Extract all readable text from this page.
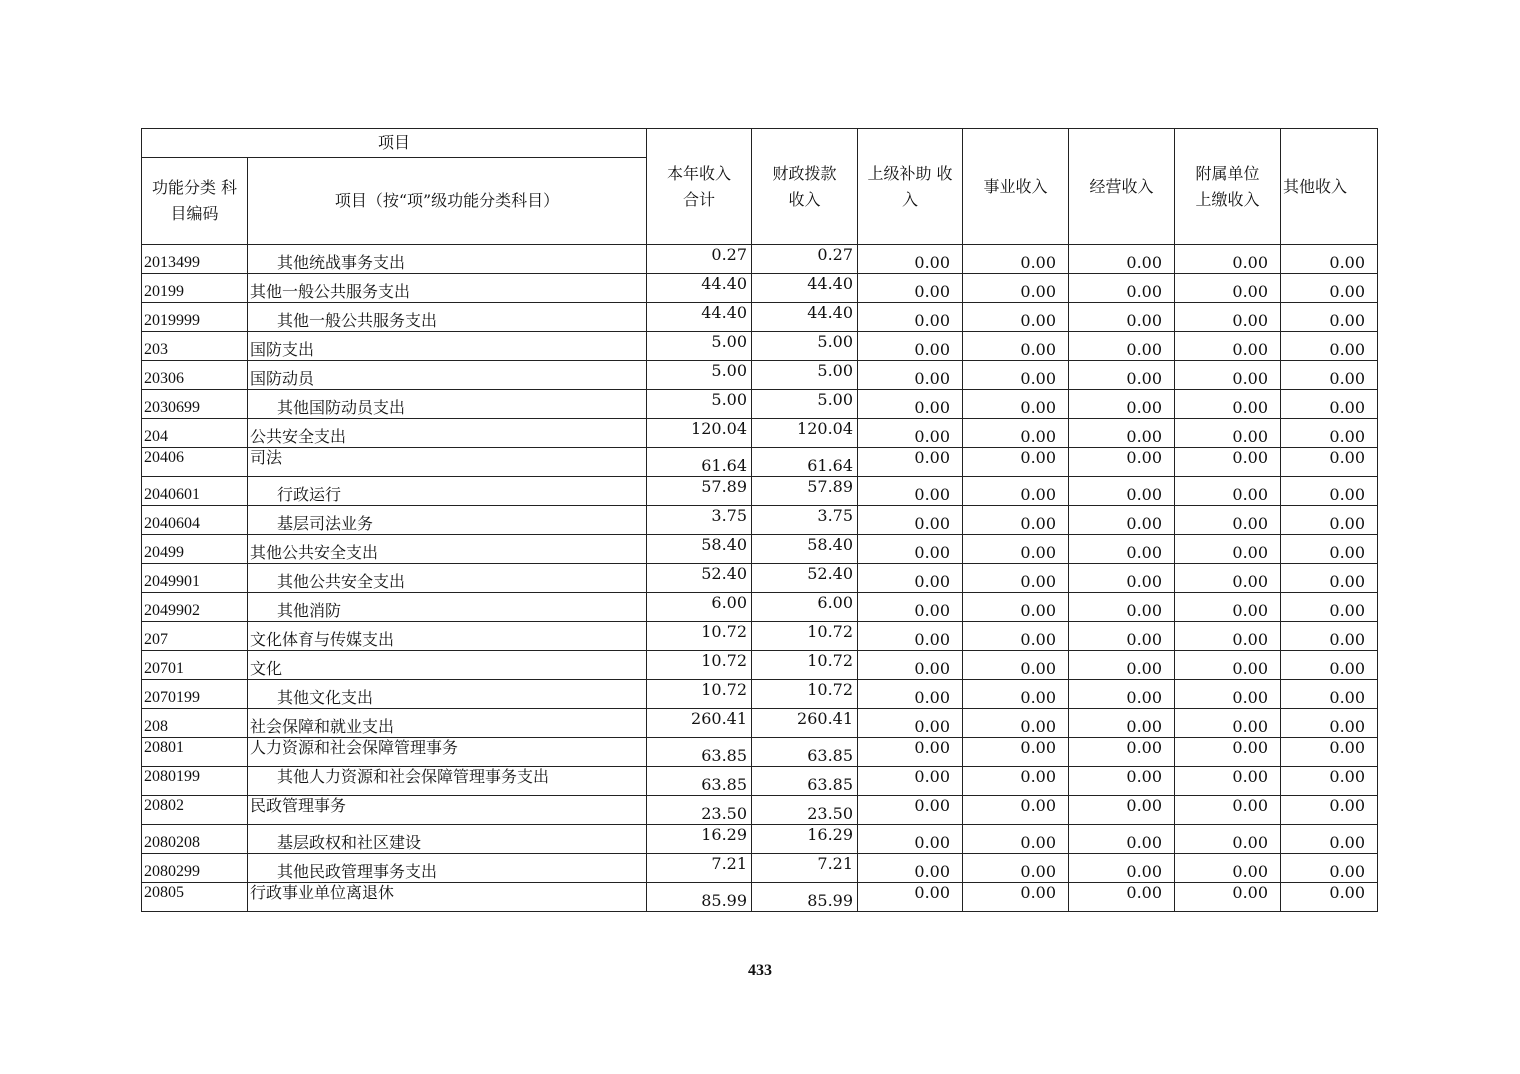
项目		本年收入合计	财政拨款收入	上级补助 收入	事业收入	经营收入	附属单位上缴收入	其他收入
功能分类 科目编码	项目（按“项”级功能分类科目）							
2013499	其他统战事务支出	0.27	0.27	0.00	0.00	0.00	0.00	0.00
20199	其他一般公共服务支出	44.40	44.40	0.00	0.00	0.00	0.00	0.00
2019999	其他一般公共服务支出	44.40	44.40	0.00	0.00	0.00	0.00	0.00
203	国防支出	5.00	5.00	0.00	0.00	0.00	0.00	0.00
20306	国防动员	5.00	5.00	0.00	0.00	0.00	0.00	0.00
2030699	其他国防动员支出	5.00	5.00	0.00	0.00	0.00	0.00	0.00
204	公共安全支出	120.04	120.04	0.00	0.00	0.00	0.00	0.00
20406	司法	61.64	61.64	0.00	0.00	0.00	0.00	0.00
2040601	行政运行	57.89	57.89	0.00	0.00	0.00	0.00	0.00
2040604	基层司法业务	3.75	3.75	0.00	0.00	0.00	0.00	0.00
20499	其他公共安全支出	58.40	58.40	0.00	0.00	0.00	0.00	0.00
2049901	其他公共安全支出	52.40	52.40	0.00	0.00	0.00	0.00	0.00
2049902	其他消防	6.00	6.00	0.00	0.00	0.00	0.00	0.00
207	文化体育与传媒支出	10.72	10.72	0.00	0.00	0.00	0.00	0.00
20701	文化	10.72	10.72	0.00	0.00	0.00	0.00	0.00
2070199	其他文化支出	10.72	10.72	0.00	0.00	0.00	0.00	0.00
208	社会保障和就业支出	260.41	260.41	0.00	0.00	0.00	0.00	0.00
20801	人力资源和社会保障管理事务	63.85	63.85	0.00	0.00	0.00	0.00	0.00
2080199	其他人力资源和社会保障管理事务支出	63.85	63.85	0.00	0.00	0.00	0.00	0.00
20802	民政管理事务	23.50	23.50	0.00	0.00	0.00	0.00	0.00
2080208	基层政权和社区建设	16.29	16.29	0.00	0.00	0.00	0.00	0.00
2080299	其他民政管理事务支出	7.21	7.21	0.00	0.00	0.00	0.00	0.00
20805	行政事业单位离退休	85.99	85.99	0.00	0.00	0.00	0.00	0.00
433
